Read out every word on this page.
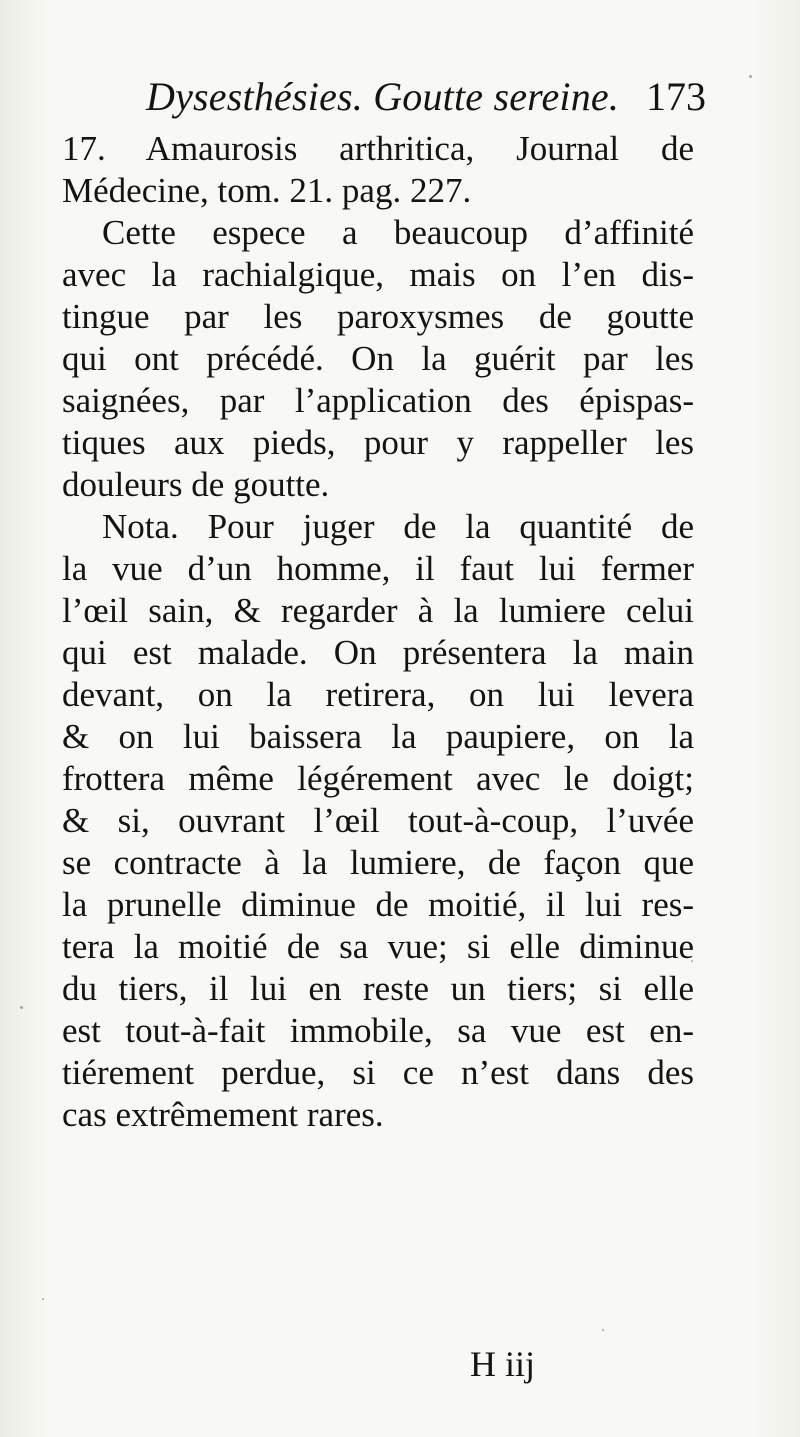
Dysesthésies. Goutte sereine. 173
17. Amaurosis arthritica, Journal de
Médecine, tom. 21. pag. 227.
Cette espece a beaucoup d’affinité
avec la rachialgique, mais on l’en dis-
tingue par les paroxysmes de goutte
qui ont précédé. On la guérit par les
saignées, par l’application des épispas-
tiques aux pieds, pour y rappeller les
douleurs de goutte.
Nota. Pour juger de la quantité de
la vue d’un homme, il faut lui fermer
l’œil sain, & regarder à la lumiere celui
qui est malade. On présentera la main
devant, on la retirera, on lui levera
& on lui baissera la paupiere, on la
frottera même légérement avec le doigt;
& si, ouvrant l’œil tout-à-coup, l’uvée
se contracte à la lumiere, de façon que
la prunelle diminue de moitié, il lui res-
tera la moitié de sa vue; si elle diminue
du tiers, il lui en reste un tiers; si elle
est tout-à-fait immobile, sa vue est en-
tiérement perdue, si ce n’est dans des
cas extrêmement rares.
H iij
